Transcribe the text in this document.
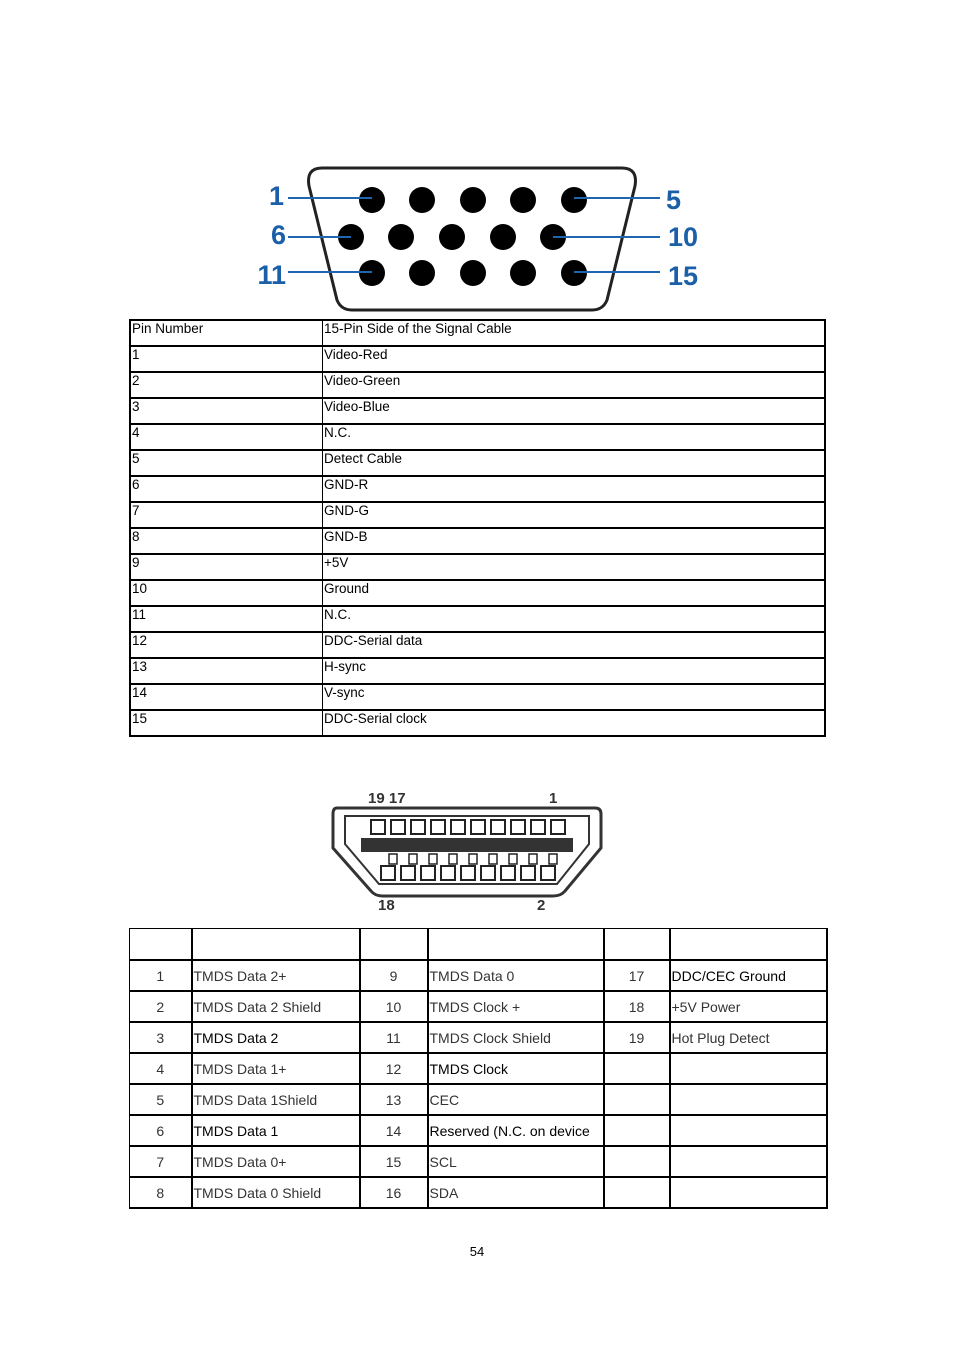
1
6
11
5
10
15
Pin Number	15-Pin Side of the Signal Cable
1	Video-Red
2	Video-Green
3	Video-Blue
4	N.C.
5	Detect Cable
6	GND-R
7	GND-G
8	GND-B
9	+5V
10	Ground
11	N.C.
12	DDC-Serial data
13	H-sync
14	V-sync
15	DDC-Serial clock
19 17	1
18	2

1	TMDS Data 2+	9	TMDS Data 0	17	DDC/CEC Ground
2	TMDS Data 2 Shield	10	TMDS Clock +	18	+5V Power
3	TMDS Data 2	11	TMDS Clock Shield	19	Hot Plug Detect
4	TMDS Data 1+	12	TMDS Clock		
5	TMDS Data 1Shield	13	CEC		
6	TMDS Data 1	14	Reserved (N.C. on device		
7	TMDS Data 0+	15	SCL		
8	TMDS Data 0 Shield	16	SDA		
54
